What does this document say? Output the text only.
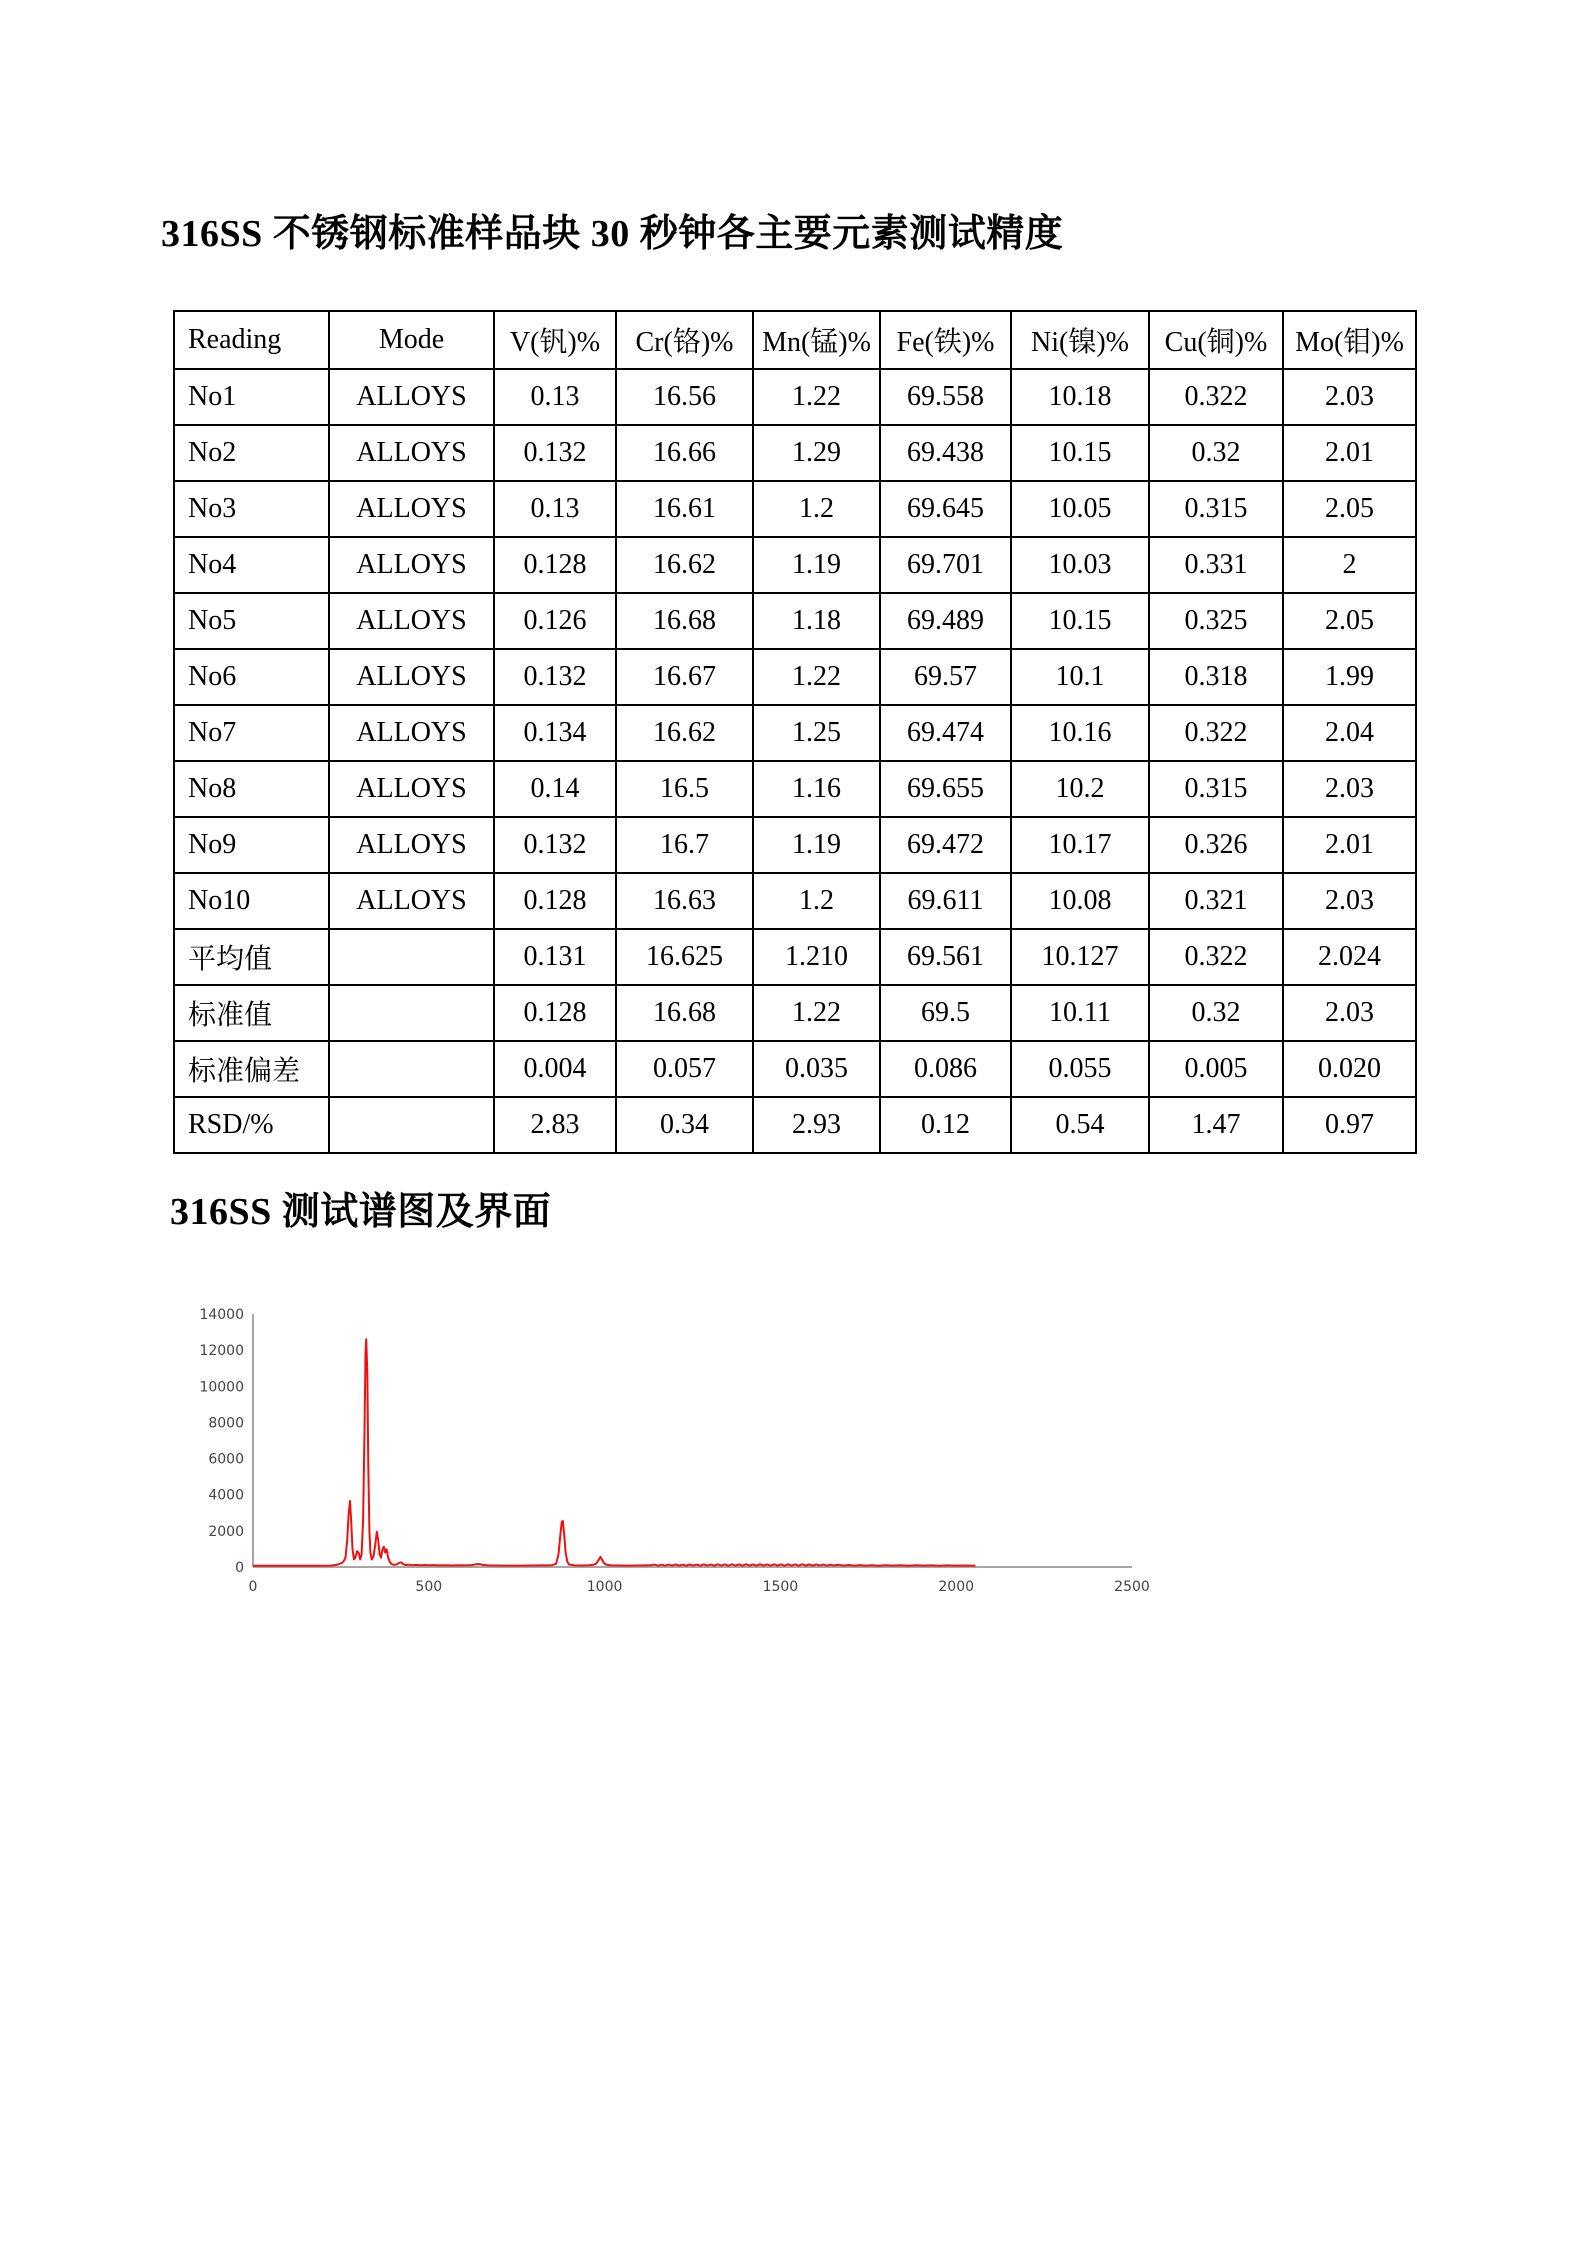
316SS 不锈钢标准样品块 30 秒钟各主要元素测试精度
Reading	Mode	V(钒)%	Cr(铬)%	Mn(锰)%	Fe(铁)%	Ni(镍)%	Cu(铜)%	Mo(钼)%
No1	ALLOYS	0.13	16.56	1.22	69.558	10.18	0.322	2.03
No2	ALLOYS	0.132	16.66	1.29	69.438	10.15	0.32	2.01
No3	ALLOYS	0.13	16.61	1.2	69.645	10.05	0.315	2.05
No4	ALLOYS	0.128	16.62	1.19	69.701	10.03	0.331	2
No5	ALLOYS	0.126	16.68	1.18	69.489	10.15	0.325	2.05
No6	ALLOYS	0.132	16.67	1.22	69.57	10.1	0.318	1.99
No7	ALLOYS	0.134	16.62	1.25	69.474	10.16	0.322	2.04
No8	ALLOYS	0.14	16.5	1.16	69.655	10.2	0.315	2.03
No9	ALLOYS	0.132	16.7	1.19	69.472	10.17	0.326	2.01
No10	ALLOYS	0.128	16.63	1.2	69.611	10.08	0.321	2.03
平均值		0.131	16.625	1.210	69.561	10.127	0.322	2.024
标准值		0.128	16.68	1.22	69.5	10.11	0.32	2.03
标准偏差		0.004	0.057	0.035	0.086	0.055	0.005	0.020
RSD/%		2.83	0.34	2.93	0.12	0.54	1.47	0.97
316SS 测试谱图及界面
0
2000
4000
6000
8000
10000
12000
14000
0	500	1000	1500	2000	2500
